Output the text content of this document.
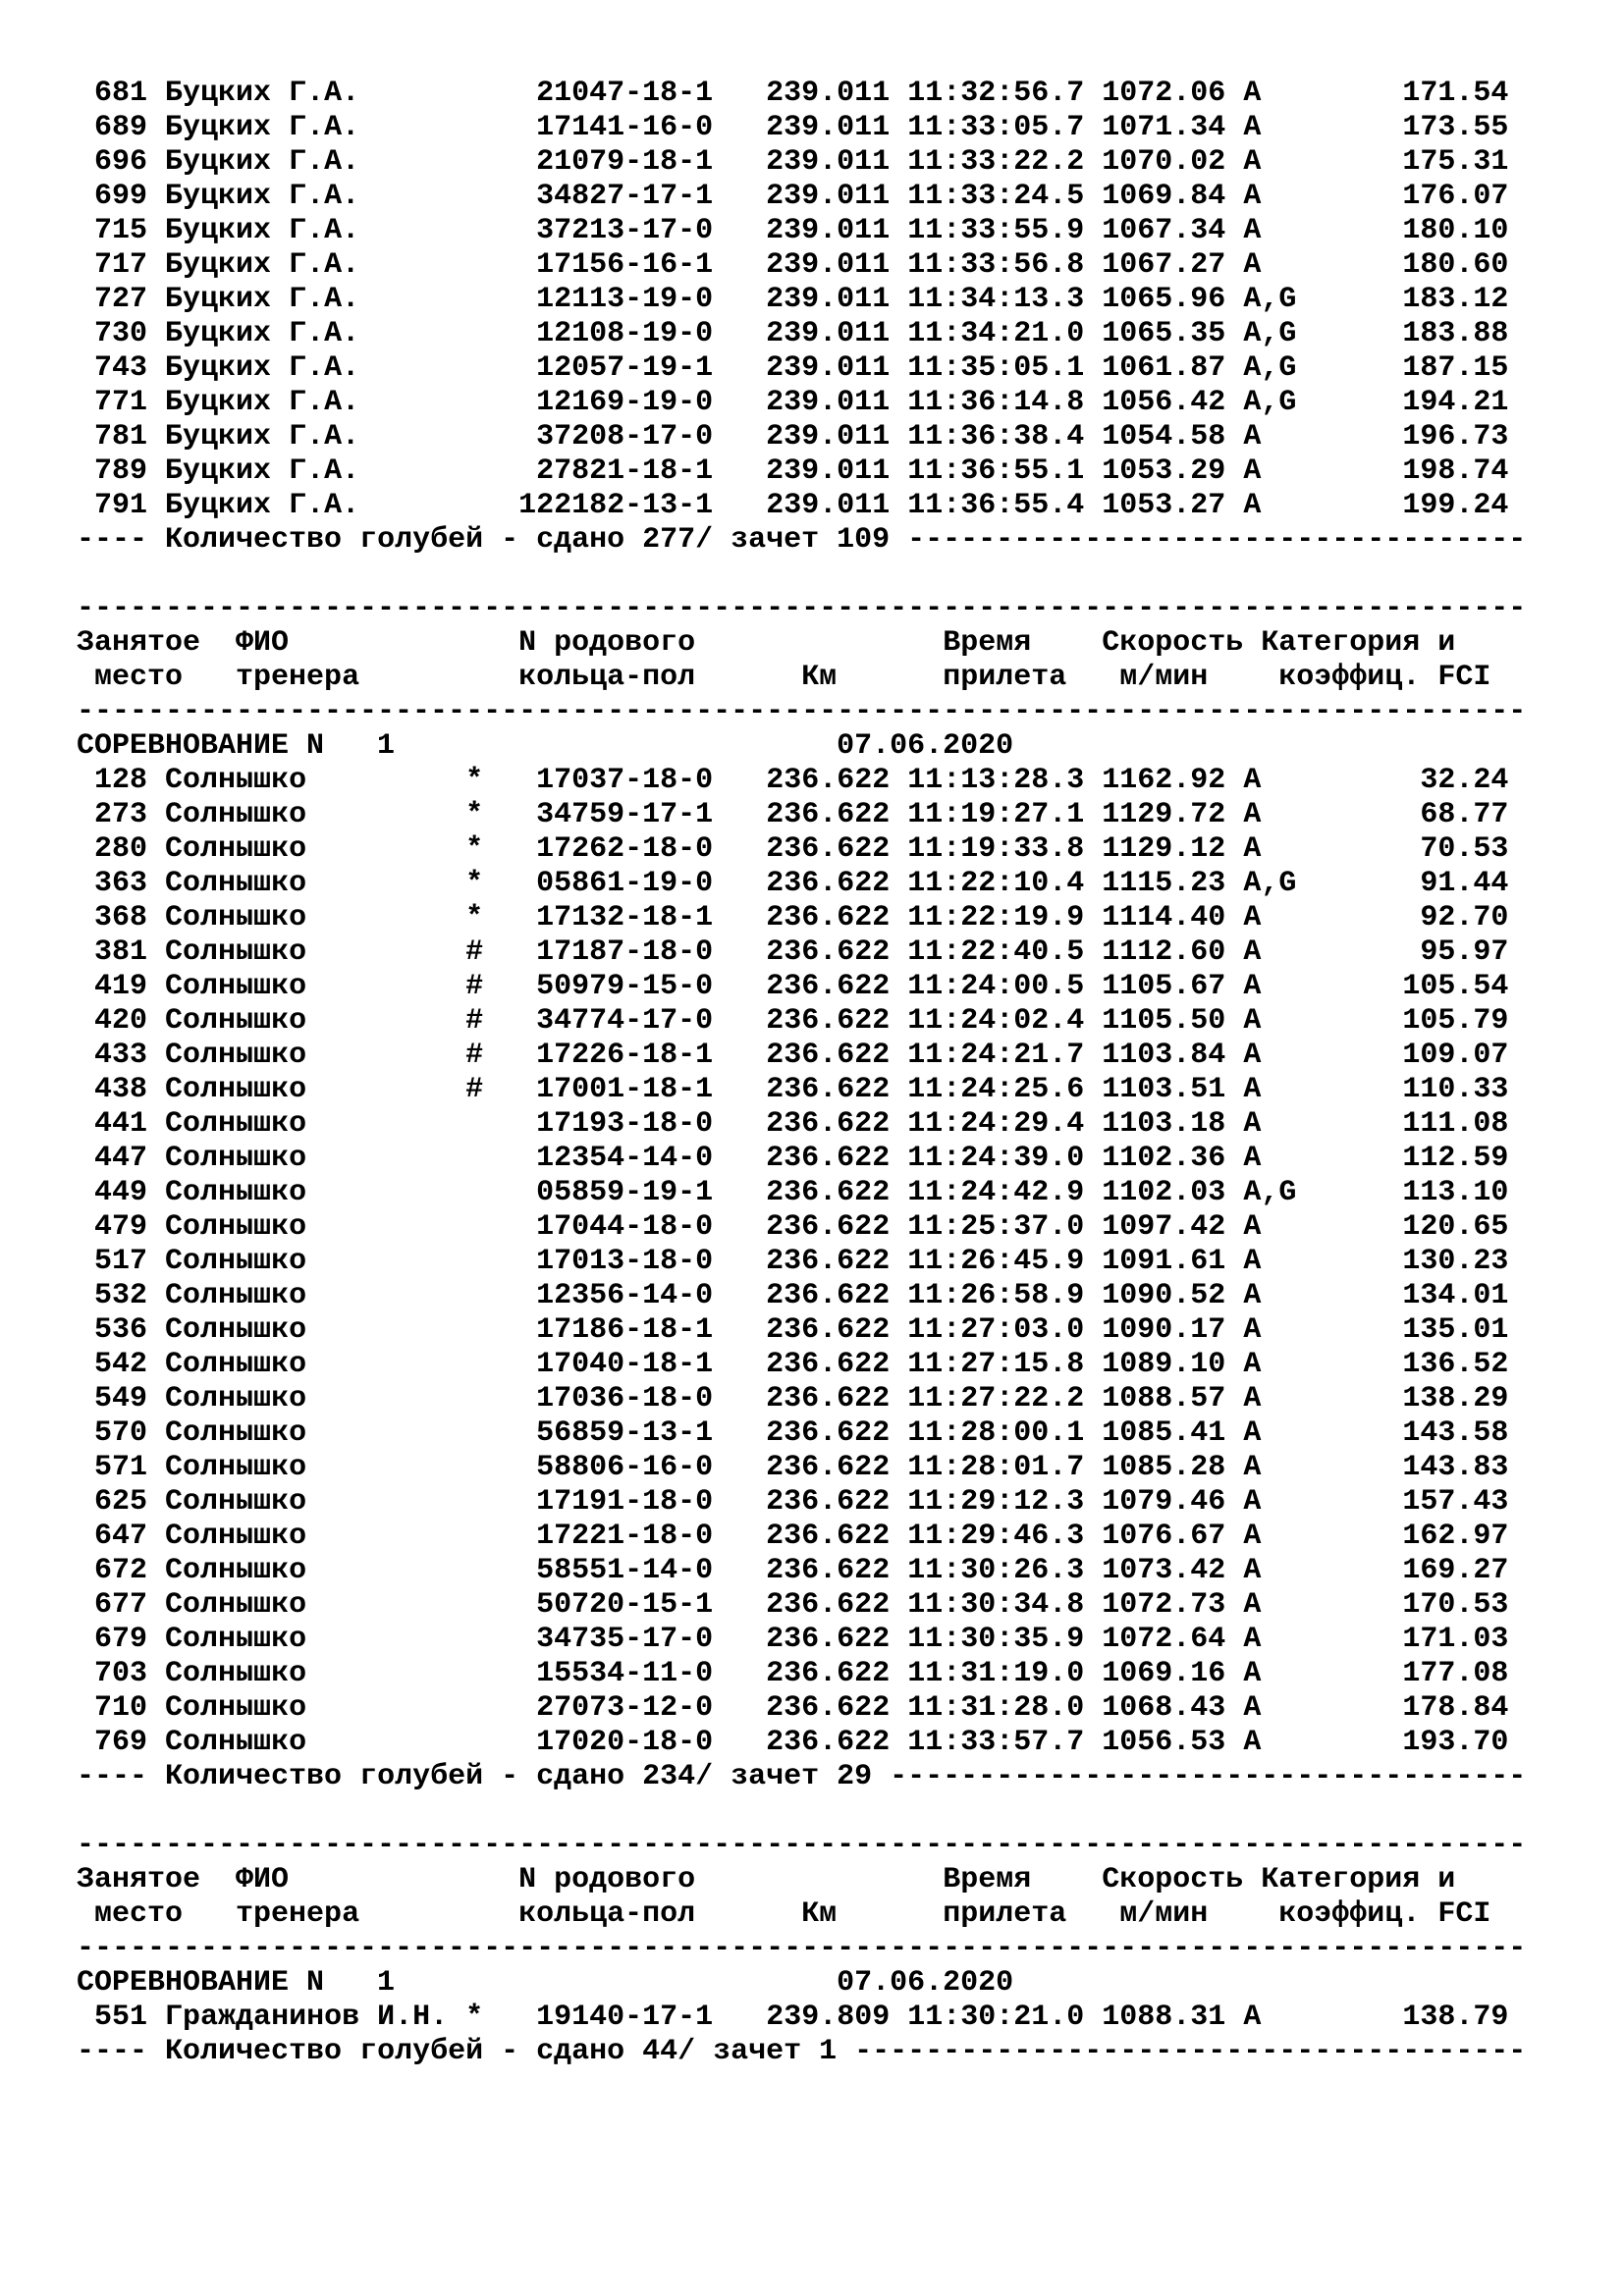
681 Буцких Г.А.	21047-18-1 239.011 11:32:56.7 1072.06 A	171.54
689 Буцких Г.А.	17141-16-0 239.011 11:33:05.7 1071.34 A	173.55
696 Буцких Г.А.	21079-18-1 239.011 11:33:22.2 1070.02 A	175.31
699 Буцких Г.А.	34827-17-1 239.011 11:33:24.5 1069.84 A	176.07
715 Буцких Г.А.	37213-17-0 239.011 11:33:55.9 1067.34 A	180.10
717 Буцких Г.А.	17156-16-1 239.011 11:33:56.8 1067.27 A	180.60
727 Буцких Г.А.	12113-19-0 239.011 11:34:13.3 1065.96 A,G	183.12
730 Буцких Г.А.	12108-19-0 239.011 11:34:21.0 1065.35 A,G	183.88
743 Буцких Г.А.	12057-19-1 239.011 11:35:05.1 1061.87 A,G	187.15
771 Буцких Г.А.	12169-19-0 239.011 11:36:14.8 1056.42 A,G	194.21
781 Буцких Г.А.	37208-17-0 239.011 11:36:38.4 1054.58 A	196.73
789 Буцких Г.А.	27821-18-1 239.011 11:36:55.1 1053.29 A	198.74
791 Буцких Г.А.	122182-13-1 239.011 11:36:55.4 1053.27 A	199.24
---- Количество голубей - сдано 277/ зачет 109 -----------------------------------
----------------------------------------------------------------------------------
Занятое ФИО	N родового	Время Скорость Категория и
место тренера	кольца-пол	Км	прилета м/мин коэффиц. FCI
----------------------------------------------------------------------------------
СОРЕВНОВАНИЕ N   1	07.06.2020
128 Солнышко	* 17037-18-0 236.622 11:13:28.3 1162.92 A	32.24
273 Солнышко	* 34759-17-1 236.622 11:19:27.1 1129.72 A	68.77
280 Солнышко	* 17262-18-0 236.622 11:19:33.8 1129.12 A	70.53
363 Солнышко	* 05861-19-0 236.622 11:22:10.4 1115.23 A,G	91.44
368 Солнышко	* 17132-18-1 236.622 11:22:19.9 1114.40 A	92.70
381 Солнышко	# 17187-18-0 236.622 11:22:40.5 1112.60 A	95.97
419 Солнышко	# 50979-15-0 236.622 11:24:00.5 1105.67 A	105.54
420 Солнышко	# 34774-17-0 236.622 11:24:02.4 1105.50 A	105.79
433 Солнышко	# 17226-18-1 236.622 11:24:21.7 1103.84 A	109.07
438 Солнышко	# 17001-18-1 236.622 11:24:25.6 1103.51 A	110.33
441 Солнышко	17193-18-0 236.622 11:24:29.4 1103.18 A	111.08
447 Солнышко	12354-14-0 236.622 11:24:39.0 1102.36 A	112.59
449 Солнышко	05859-19-1 236.622 11:24:42.9 1102.03 A,G	113.10
479 Солнышко	17044-18-0 236.622 11:25:37.0 1097.42 A	120.65
517 Солнышко	17013-18-0 236.622 11:26:45.9 1091.61 A	130.23
532 Солнышко	12356-14-0 236.622 11:26:58.9 1090.52 A	134.01
536 Солнышко	17186-18-1 236.622 11:27:03.0 1090.17 A	135.01
542 Солнышко	17040-18-1 236.622 11:27:15.8 1089.10 A	136.52
549 Солнышко	17036-18-0 236.622 11:27:22.2 1088.57 A	138.29
570 Солнышко	56859-13-1 236.622 11:28:00.1 1085.41 A	143.58
571 Солнышко	58806-16-0 236.622 11:28:01.7 1085.28 A	143.83
625 Солнышко	17191-18-0 236.622 11:29:12.3 1079.46 A	157.43
647 Солнышко	17221-18-0 236.622 11:29:46.3 1076.67 A	162.97
672 Солнышко	58551-14-0 236.622 11:30:26.3 1073.42 A	169.27
677 Солнышко	50720-15-1 236.622 11:30:34.8 1072.73 A	170.53
679 Солнышко	34735-17-0 236.622 11:30:35.9 1072.64 A	171.03
703 Солнышко	15534-11-0 236.622 11:31:19.0 1069.16 A	177.08
710 Солнышко	27073-12-0 236.622 11:31:28.0 1068.43 A	178.84
769 Солнышко	17020-18-0 236.622 11:33:57.7 1056.53 A	193.70
---- Количество голубей - сдано 234/ зачет 29 ------------------------------------
----------------------------------------------------------------------------------
Занятое ФИО	N родового	Время Скорость Категория и
место тренера	кольца-пол	Км	прилета м/мин коэффиц. FCI
----------------------------------------------------------------------------------
СОРЕВНОВАНИЕ N   1	07.06.2020
551 Гражданинов И.Н. * 19140-17-1 239.809 11:30:21.0 1088.31 A	138.79
---- Количество голубей - сдано 44/ зачет 1 --------------------------------------
